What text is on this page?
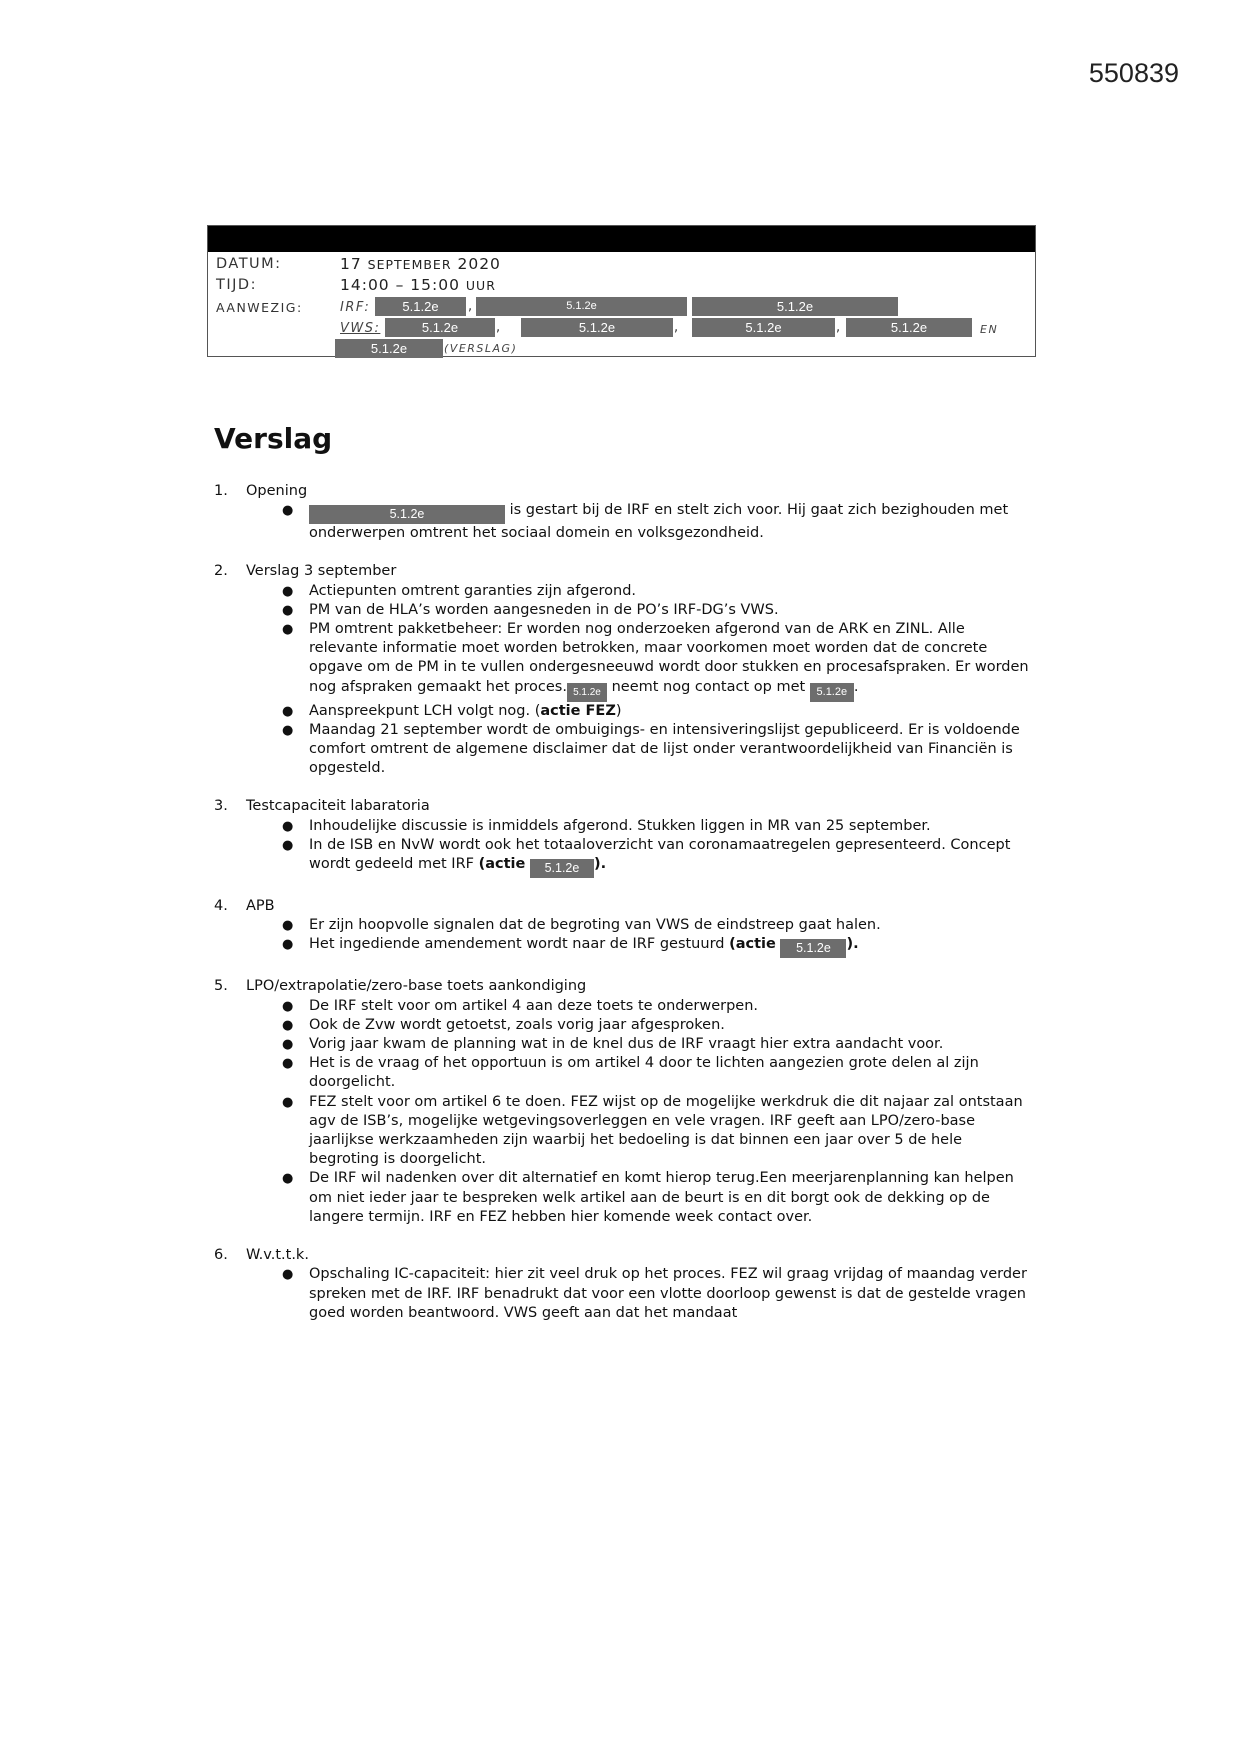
550839
DATUM:	17 SEPTEMBER 2020
TIJD:	14:00 – 15:00 UUR
AANWEZIG:	IRF:	5.1.2e	,	5.1.2e	5.1.2e
VWS:	5.1.2e	,	5.1.2e	,	5.1.2e	,	5.1.2e	EN
5.1.2e	(VERSLAG)
Verslag
1. Opening
●	5.1.2e	is gestart bij de IRF en stelt zich voor. Hij gaat zich bezighouden met onderwerpen omtrent het sociaal domein en volksgezondheid.
2. Verslag 3 september
● Actiepunten omtrent garanties zijn afgerond.
● PM van de HLA’s worden aangesneden in de PO’s IRF-DG’s VWS.
● PM omtrent pakketbeheer: Er worden nog onderzoeken afgerond van de ARK en ZINL. Alle relevante informatie moet worden betrokken, maar voorkomen moet worden dat de concrete opgave om de PM in te vullen ondergesneeuwd wordt door stukken en procesafspraken. Er worden nog afspraken gemaakt het proces. 5.1.2e neemt nog contact op met 5.1.2e .
● Aanspreekpunt LCH volgt nog. (actie FEZ)
● Maandag 21 september wordt de ombuigings- en intensiveringslijst gepubliceerd. Er is voldoende comfort omtrent de algemene disclaimer dat de lijst onder verantwoordelijkheid van Financiën is opgesteld.
3. Testcapaciteit labaratoria
● Inhoudelijke discussie is inmiddels afgerond. Stukken liggen in MR van 25 september.
● In de ISB en NvW wordt ook het totaaloverzicht van coronamaatregelen gepresenteerd. Concept wordt gedeeld met IRF (actie 5.1.2e ).
4. APB
● Er zijn hoopvolle signalen dat de begroting van VWS de eindstreep gaat halen.
● Het ingediende amendement wordt naar de IRF gestuurd (actie 5.1.2e ).
5. LPO/extrapolatie/zero-base toets aankondiging
● De IRF stelt voor om artikel 4 aan deze toets te onderwerpen.
● Ook de Zvw wordt getoetst, zoals vorig jaar afgesproken.
● Vorig jaar kwam de planning wat in de knel dus de IRF vraagt hier extra aandacht voor.
● Het is de vraag of het opportuun is om artikel 4 door te lichten aangezien grote delen al zijn doorgelicht.
● FEZ stelt voor om artikel 6 te doen. FEZ wijst op de mogelijke werkdruk die dit najaar zal ontstaan agv de ISB’s, mogelijke wetgevingsoverleggen en vele vragen. IRF geeft aan LPO/zero-base jaarlijkse werkzaamheden zijn waarbij het bedoeling is dat binnen een jaar over 5 de hele begroting is doorgelicht.
● De IRF wil nadenken over dit alternatief en komt hierop terug.Een meerjarenplanning kan helpen om niet ieder jaar te bespreken welk artikel aan de beurt is en dit borgt ook de dekking op de langere termijn. IRF en FEZ hebben hier komende week contact over.
6. W.v.t.t.k.
● Opschaling IC-capaciteit: hier zit veel druk op het proces. FEZ wil graag vrijdag of maandag verder spreken met de IRF. IRF benadrukt dat voor een vlotte doorloop gewenst is dat de gestelde vragen goed worden beantwoord. VWS geeft aan dat het mandaat
